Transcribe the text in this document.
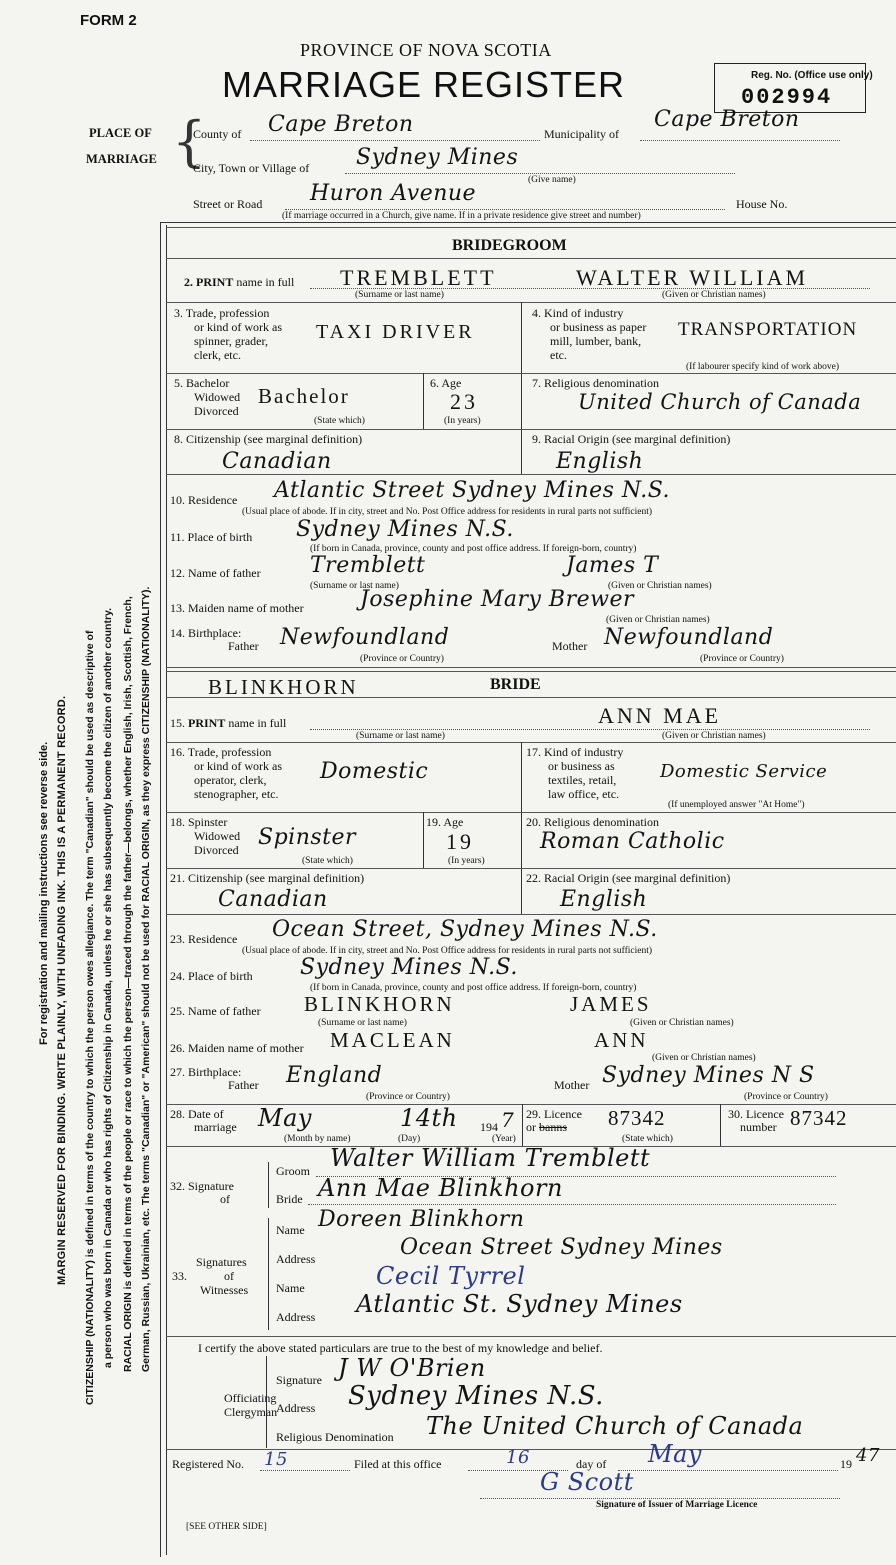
FORM 2
PROVINCE OF NOVA SCOTIA
MARRIAGE REGISTER	Reg. No. (Office use only)
002994
PLACE OF
MARRIAGE {
County of Cape Breton	Municipality of
Cape Breton
City, Town or Village of Sydney Mines
(Give name)
Street or Road Huron Avenue	House No.
(If marriage occurred in a Church, give name. If in a private residence give street and number)
For registration and mailing instructions see reverse side. MARGIN RESERVED FOR BINDING. WRITE PLAINLY, WITH UNFADING INK. THIS IS A PERMANENT RECORD. CITIZENSHIP (NATIONALITY) is defined in terms of the country to which the person owes allegiance. The term "Canadian" should be used as descriptive of a person who was born in Canada or who has rights of Citizenship in Canada, unless he or she has subsequently become the citizen of another country. RACIAL ORIGIN is defined in terms of the people or race to which the person—traced through the father—belongs, whether English, Irish, Scottish, French, German, Russian, Ukrainian, etc. The terms "Canadian" or "American" should not be used for RACIAL ORIGIN, as they express CITIZENSHIP (NATIONALITY).
BRIDEGROOM
2. PRINT name in full TREMBLETT	WALTER WILLIAM
(Surname or last name)	(Given or Christian names)
3. Trade, profession
or kind of work as
spinner, grader,
clerk, etc.
TAXI DRIVER
4. Kind of industry
or business as paper
mill, lumber, bank,
etc.
TRANSPORTATION
(If labourer specify kind of work above)
5. Bachelor
Widowed
Divorced
Bachelor
(State which)
6. Age
23
(In years)
7. Religious denomination
United Church of Canada
8. Citizenship (see marginal definition)
Canadian
9. Racial Origin (see marginal definition)
English
10. Residence Atlantic Street Sydney Mines N.S.
(Usual place of abode. If in city, street and No. Post Office address for residents in rural parts not sufficient)
11. Place of birth Sydney Mines N.S.
(If born in Canada, province, county and post office address. If foreign-born, country)
12. Name of father Tremblett	James T
(Surname or last name)	(Given or Christian names)
13. Maiden name of mother	Josephine Mary Brewer
(Given or Christian names)
14. Birthplace:
Father Newfoundland	Mother Newfoundland
(Province or Country)	(Province or Country)
BLINKHORN	BRIDE
15. PRINT name in full	ANN MAE
(Surname or last name)	(Given or Christian names)
16. Trade, profession
or kind of work as
operator, clerk,
stenographer, etc.
Domestic
17. Kind of industry
or business as
textiles, retail,
law office, etc.
Domestic Service
(If unemployed answer "At Home")
18. Spinster
Widowed
Divorced Spinster
(State which)
19. Age
19
(In years)
20. Religious denomination
Roman Catholic
21. Citizenship (see marginal definition)
Canadian
22. Racial Origin (see marginal definition)
English
23. Residence Ocean Street, Sydney Mines N.S.
(Usual place of abode. If in city, street and No. Post Office address for residents in rural parts not sufficient)
24. Place of birth Sydney Mines N.S.
(If born in Canada, province, county and post office address. If foreign-born, country)
25. Name of father BLINKHORN	JAMES
(Surname or last name)	(Given or Christian names)
26. Maiden name of mother MACLEAN	ANN
(Given or Christian names)
27. Birthplace:
Father England	Mother Sydney Mines N S
(Province or Country)	(Province or Country)
28. Date of
marriage May	14th 194 7
(Month by name)	(Day)	(Year)
29. Licence
or banns 87342
(State which)
30. Licence
number 87342
32. Signature
of
Groom Walter William Tremblett
Bride Ann Mae Blinkhorn
Signatures
33.	of
Witnesses
Name Doreen Blinkhorn
Address	Ocean Street Sydney Mines
Name	Cecil Tyrrel
Address Atlantic St. Sydney Mines
I certify the above stated particulars are true to the best of my knowledge and belief.
Officiating
Clergyman
Signature J W O'Brien
Address Sydney Mines N.S.
Religious Denomination The United Church of Canada
Registered No. 15	Filed at this office	16	day of May	19 47
G Scott
Signature of Issuer of Marriage Licence
[SEE OTHER SIDE]
